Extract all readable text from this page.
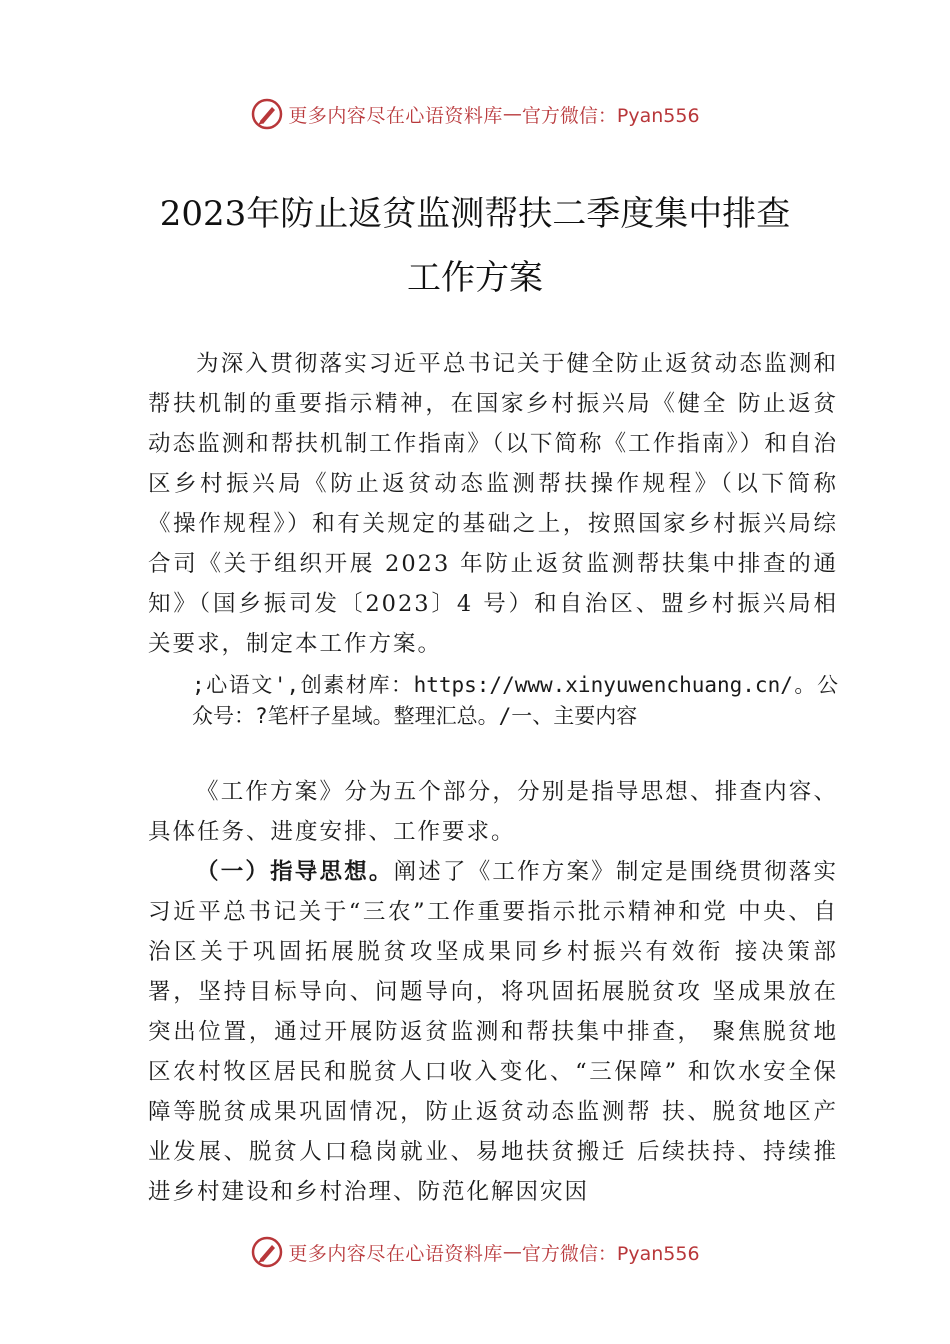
更多内容尽在心语资料库 — 官方微信：Pyan556
2023年防止返贫监测帮扶二季度集中排查
工作方案

为深入贯彻落实习近平总书记关于健全防止返贫动态监测和帮扶机制的重要指示精神，在国家乡村振兴局《健全 防止返贫动态监测和帮扶机制工作指南》（以下简称《工作指南》）和自治区乡村振兴局《防止返贫动态监测帮扶操作规程》（以下简称《操作规程》）和有关规定的基础之上，按照国家乡村振兴局综合司《关于组织开展 2023 年防止返贫监测帮扶集中排查的通知》（国乡振司发〔2023〕4 号）和自治区、盟乡村振兴局相关要求，制定本工作方案。

;心语文',创素材库：https://www.xinyuwenchuang.cn/。公众号：?笔杆子星域。整理汇总。/一、主要内容

《工作方案》分为五个部分，分别是指导思想、排查内容、具体任务、进度安排、工作要求。

（一）指导思想。阐述了《工作方案》制定是围绕贯彻落实习近平总书记关于“三农”工作重要指示批示精神和党 中央、自治区关于巩固拓展脱贫攻坚成果同乡村振兴有效衔 接决策部署，坚持目标导向、问题导向，将巩固拓展脱贫攻 坚成果放在突出位置，通过开展防返贫监测和帮扶集中排查， 聚焦脱贫地区农村牧区居民和脱贫人口收入变化、“三保障” 和饮水安全保障等脱贫成果巩固情况，防止返贫动态监测帮 扶、脱贫地区产业发展、脱贫人口稳岗就业、易地扶贫搬迁 后续扶持、持续推进乡村建设和乡村治理、防范化解因灾因

更多内容尽在心语资料库 — 官方微信：Pyan556
